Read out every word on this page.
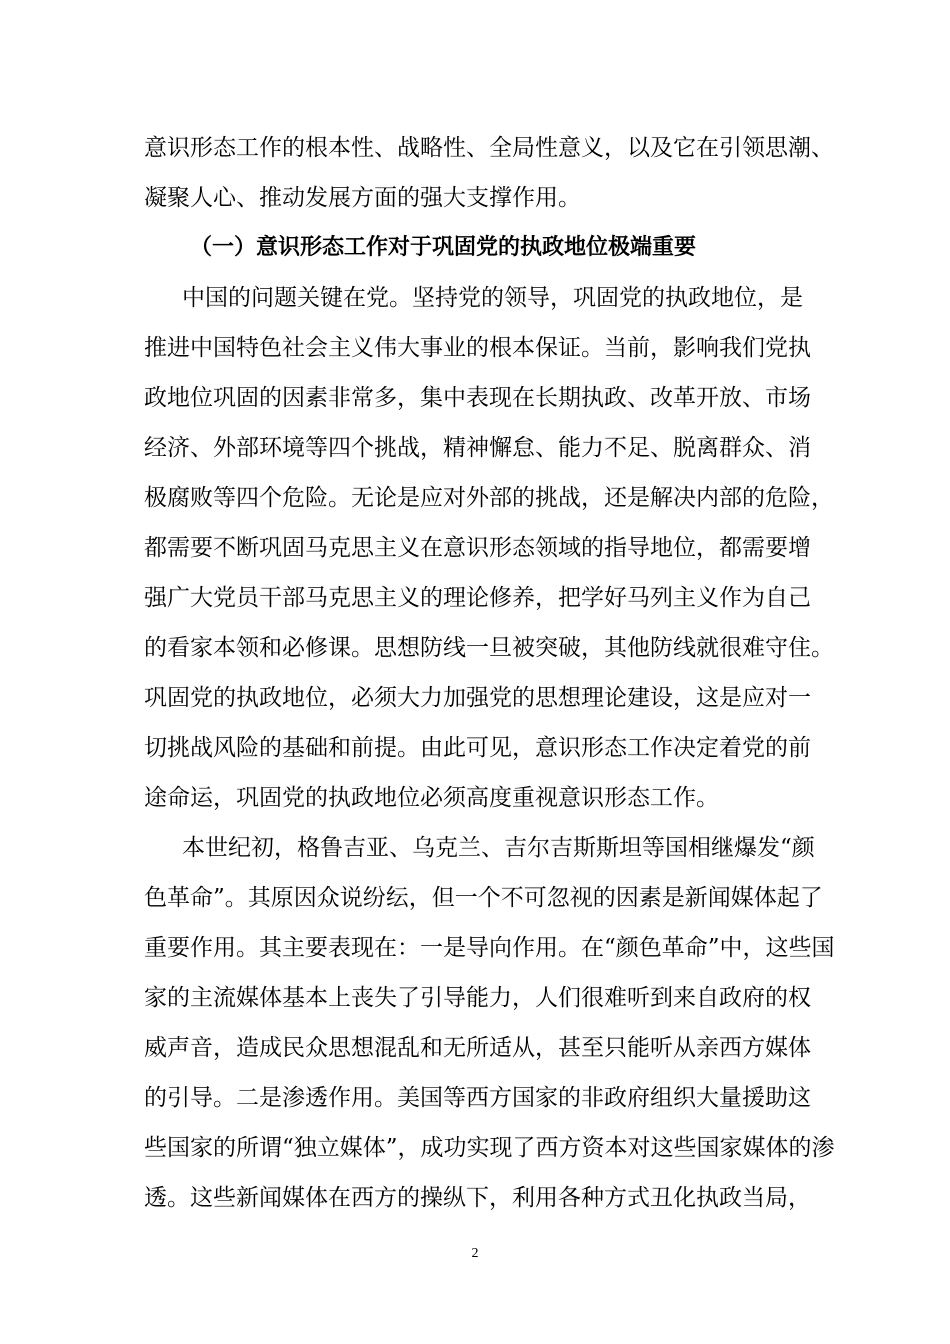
意识形态工作的根本性、战略性、全局性意义，以及它在引领思潮、
凝聚人心、推动发展方面的强大支撑作用。
（一）意识形态工作对于巩固党的执政地位极端重要
中国的问题关键在党。坚持党的领导，巩固党的执政地位，是
推进中国特色社会主义伟大事业的根本保证。当前，影响我们党执
政地位巩固的因素非常多，集中表现在长期执政、改革开放、市场
经济、外部环境等四个挑战，精神懈怠、能力不足、脱离群众、消
极腐败等四个危险。无论是应对外部的挑战，还是解决内部的危险，
都需要不断巩固马克思主义在意识形态领域的指导地位，都需要增
强广大党员干部马克思主义的理论修养，把学好马列主义作为自己
的看家本领和必修课。思想防线一旦被突破，其他防线就很难守住。
巩固党的执政地位，必须大力加强党的思想理论建设，这是应对一
切挑战风险的基础和前提。由此可见，意识形态工作决定着党的前
途命运，巩固党的执政地位必须高度重视意识形态工作。
本世纪初，格鲁吉亚、乌克兰、吉尔吉斯斯坦等国相继爆发“颜
色革命”。其原因众说纷纭，但一个不可忽视的因素是新闻媒体起了
重要作用。其主要表现在：一是导向作用。在“颜色革命”中，这些国
家的主流媒体基本上丧失了引导能力，人们很难听到来自政府的权
威声音，造成民众思想混乱和无所适从，甚至只能听从亲西方媒体
的引导。二是渗透作用。美国等西方国家的非政府组织大量援助这
些国家的所谓“独立媒体”，成功实现了西方资本对这些国家媒体的渗
透。这些新闻媒体在西方的操纵下，利用各种方式丑化执政当局，
2
